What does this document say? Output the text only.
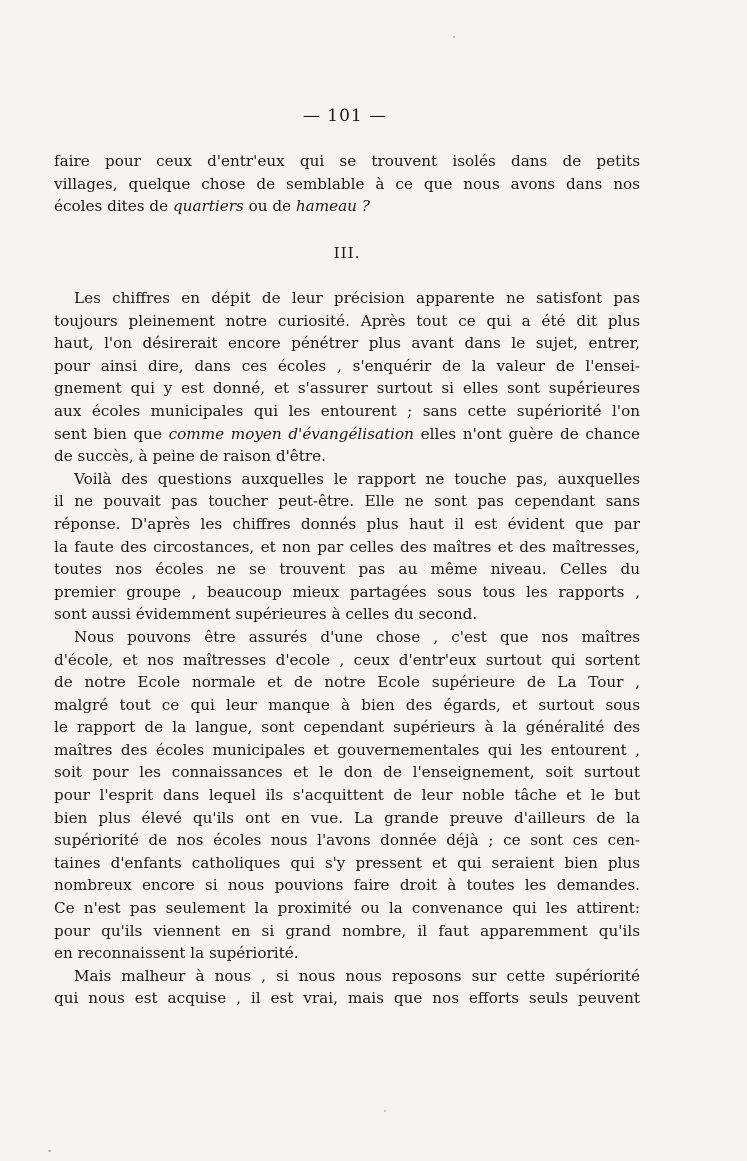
— 101 —
faire pour ceux d'entr'eux qui se trouvent isolés dans de petits
villages, quelque chose de semblable à ce que nous avons dans nos
écoles dites de quartiers ou de hameau ?
III.

Les chiffres en dépit de leur précision apparente ne satisfont pas
toujours pleinement notre curiosité. Après tout ce qui a été dit plus
haut, l'on désirerait encore pénétrer plus avant dans le sujet, entrer,
pour ainsi dire, dans ces écoles , s'enquérir de la valeur de l'ensei-
gnement qui y est donné, et s'assurer surtout si elles sont supérieures
aux écoles municipales qui les entourent ; sans cette supériorité l'on
sent bien que comme moyen d'évangélisation elles n'ont guère de chance
de succès, à peine de raison d'être.

Voilà des questions auxquelles le rapport ne touche pas, auxquelles
il ne pouvait pas toucher peut-être. Elle ne sont pas cependant sans
réponse. D'après les chiffres donnés plus haut il est évident que par
la faute des circostances, et non par celles des maîtres et des maîtresses,
toutes nos écoles ne se trouvent pas au même niveau. Celles du
premier groupe , beaucoup mieux partagées sous tous les rapports ,
sont aussi évidemment supérieures à celles du second.

Nous pouvons être assurés d'une chose , c'est que nos maîtres
d'école, et nos maîtresses d'ecole , ceux d'entr'eux surtout qui sortent
de notre Ecole normale et de notre Ecole supérieure de La Tour ,
malgré tout ce qui leur manque à bien des égards, et surtout sous
le rapport de la langue, sont cependant supérieurs à la généralité des
maîtres des écoles municipales et gouvernementales qui les entourent ,
soit pour les connaissances et le don de l'enseignement, soit surtout
pour l'esprit dans lequel ils s'acquittent de leur noble tâche et le but
bien plus élevé qu'ils ont en vue. La grande preuve d'ailleurs de la
supériorité de nos écoles nous l'avons donnée déjà ; ce sont ces cen-
taines d'enfants catholiques qui s'y pressent et qui seraient bien plus
nombreux encore si nous pouvions faire droit à toutes les demandes.
Ce n'est pas seulement la proximité ou la convenance qui les attirent:
pour qu'ils viennent en si grand nombre, il faut apparemment qu'ils
en reconnaissent la supériorité.

Mais malheur à nous , si nous nous reposons sur cette supériorité
qui nous est acquise , il est vrai, mais que nos efforts seuls peuvent
